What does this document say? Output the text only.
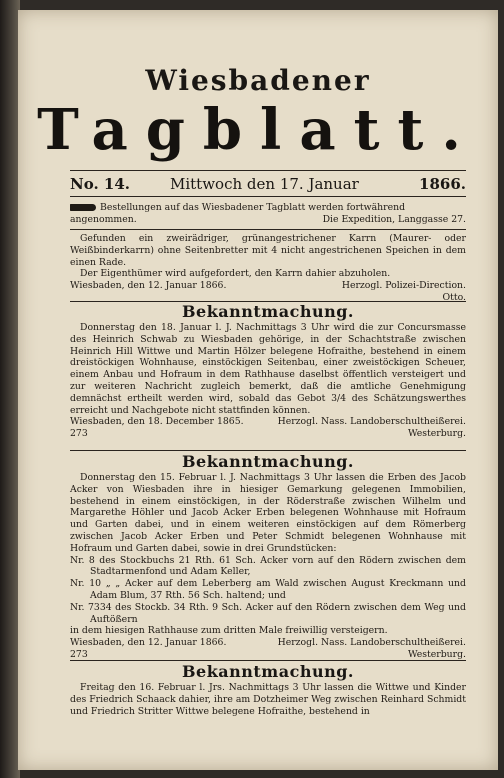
Wiesbadener
Tagblatt.
No. 14.	Mittwoch den 17. Januar	1866.

Bestellungen auf das Wiesbadener Tagblatt werden fortwährend

angenommen.	Die Expedition, Langgasse 27.

Gefunden ein zweirädriger, grünangestrichener Karrn (Maurer- oder Weißbinderkarrn) ohne Seitenbretter mit 4 nicht angestrichenen Speichen in dem einen Rade.

Der Eigenthümer wird aufgefordert, den Karrn dahier abzuholen.

Wiesbaden, den 12. Januar 1866.	Herzogl. Polizei-Direction.

Otto.

Bekanntmachung.

Donnerstag den 18. Januar l. J. Nachmittags 3 Uhr wird die zur Concursmasse des Heinrich Schwab zu Wiesbaden gehörige, in der Schachtstraße zwischen Heinrich Hill Wittwe und Martin Hölzer belegene Hofraithe, bestehend in einem dreistöckigen Wohnhause, einstöckigen Seitenbau, einer zweistöckigen Scheuer, einem Anbau und Hofraum in dem Rathhause daselbst öffentlich versteigert und zur weiteren Nachricht zugleich bemerkt, daß die amtliche Genehmigung demnächst ertheilt werden wird, sobald das Gebot 3/4 des Schätzungswerthes erreicht und Nachgebote nicht stattfinden können.

Wiesbaden, den 18. December 1865.	Herzogl. Nass. Landoberschultheißerei.

273	Westerburg.

Bekanntmachung.

Donnerstag den 15. Februar l. J. Nachmittags 3 Uhr lassen die Erben des Jacob Acker von Wiesbaden ihre in hiesiger Gemarkung gelegenen Immobilien, bestehend in einem einstöckigen, in der Röderstraße zwischen Wilhelm und Margarethe Höhler und Jacob Acker Erben belegenen Wohnhause mit Hofraum und Garten dabei, und in einem weiteren einstöckigen auf dem Römerberg zwischen Jacob Acker Erben und Peter Schmidt belegenen Wohnhause mit Hofraum und Garten dabei, sowie in drei Grundstücken:

Nr. 8 des Stockbuchs 21 Rth. 61 Sch. Acker vorn auf den Rödern zwischen dem Stadtarmenfond und Adam Keller,

Nr. 10 „ „ Acker auf dem Leberberg am Wald zwischen August Kreckmann und Adam Blum, 37 Rth. 56 Sch. haltend; und

Nr. 7334 des Stockb. 34 Rth. 9 Sch. Acker auf den Rödern zwischen dem Weg und Auftößern

in dem hiesigen Rathhause zum dritten Male freiwillig versteigern.

Wiesbaden, den 12. Januar 1866.	Herzogl. Nass. Landoberschultheißerei.

273	Westerburg.

Bekanntmachung.

Freitag den 16. Februar l. Jrs. Nachmittags 3 Uhr lassen die Wittwe und Kinder des Friedrich Schaack dahier, ihre am Dotzheimer Weg zwischen Reinhard Schmidt und Friedrich Stritter Wittwe belegene Hofraithe, bestehend in
